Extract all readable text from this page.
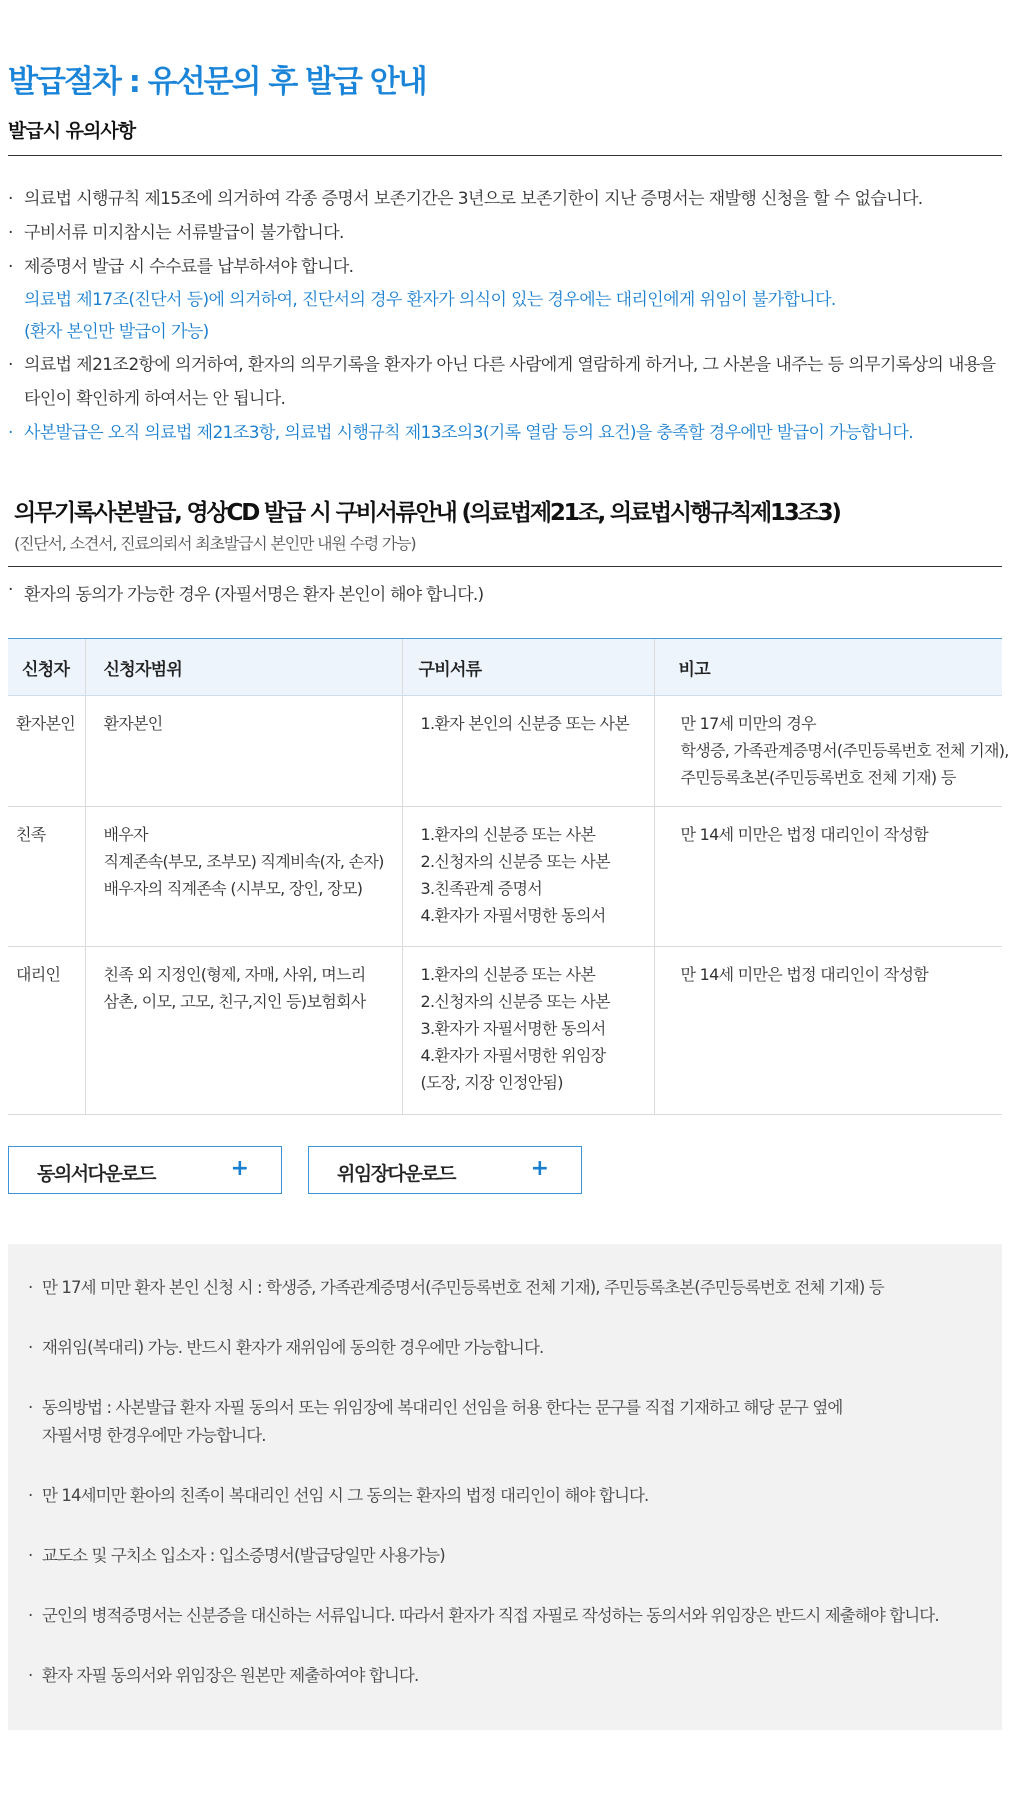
발급절차 : 유선문의 후 발급 안내
발급시 유의사항
· 의료법 시행규칙 제15조에 의거하여 각종 증명서 보존기간은 3년으로 보존기한이 지난 증명서는 재발행 신청을 할 수 없습니다.
· 구비서류 미지참시는 서류발급이 불가합니다.
· 제증명서 발급 시 수수료를 납부하셔야 합니다.
의료법 제17조(진단서 등)에 의거하여, 진단서의 경우 환자가 의식이 있는 경우에는 대리인에게 위임이 불가합니다.
(환자 본인만 발급이 가능)
· 의료법 제21조2항에 의거하여, 환자의 의무기록을 환자가 아닌 다른 사람에게 열람하게 하거나, 그 사본을 내주는 등 의무기록상의 내용을 타인이 확인하게 하여서는 안 됩니다.
· 사본발급은 오직 의료법 제21조3항, 의료법 시행규칙 제13조의3(기록 열람 등의 요건)을 충족할 경우에만 발급이 가능합니다.
의무기록사본발급, 영상CD 발급 시 구비서류안내 (의료법제21조, 의료법시행규칙제13조3)

(진단서, 소견서, 진료의뢰서 최초발급시 본인만 내원 수령 가능)

· 환자의 동의가 가능한 경우 (자필서명은 환자 본인이 해야 합니다.)
신청자	신청자범위	구비서류	비고
환자본인	환자본인	1.환자 본인의 신분증 또는 사본	만 17세 미만의 경우
학생증, 가족관계증명서(주민등록번호 전체 기재),
주민등록초본(주민등록번호 전체 기재) 등

친족	배우자
직계존속(부모, 조부모) 직계비속(자, 손자)
배우자의 직계존속 (시부모, 장인, 장모)	1.환자의 신분증 또는 사본
2.신청자의 신분증 또는 사본
3.친족관계 증명서
4.환자가 자필서명한 동의서	만 14세 미만은 법정 대리인이 작성함

대리인	친족 외 지정인(형제, 자매, 사위, 며느리
삼촌, 이모, 고모, 친구,지인 등)보험회사	1.환자의 신분증 또는 사본
2.신청자의 신분증 또는 사본
3.환자가 자필서명한 동의서
4.환자가 자필서명한 위임장
(도장, 지장 인정안됨)	만 14세 미만은 법정 대리인이 작성함
동의서다운로드	+	위임장다운로드	+
· 만 17세 미만 환자 본인 신청 시 : 학생증, 가족관계증명서(주민등록번호 전체 기재), 주민등록초본(주민등록번호 전체 기재) 등
· 재위임(복대리) 가능. 반드시 환자가 재위임에 동의한 경우에만 가능합니다.
· 동의방법 : 사본발급 환자 자필 동의서 또는 위임장에 복대리인 선임을 허용 한다는 문구를 직접 기재하고 해당 문구 옆에
자필서명 한경우에만 가능합니다.
· 만 14세미만 환아의 친족이 복대리인 선임 시 그 동의는 환자의 법정 대리인이 해야 합니다.
· 교도소 및 구치소 입소자 : 입소증명서(발급당일만 사용가능)
· 군인의 병적증명서는 신분증을 대신하는 서류입니다. 따라서 환자가 직접 자필로 작성하는 동의서와 위임장은 반드시 제출해야 합니다.
· 환자 자필 동의서와 위임장은 원본만 제출하여야 합니다.
